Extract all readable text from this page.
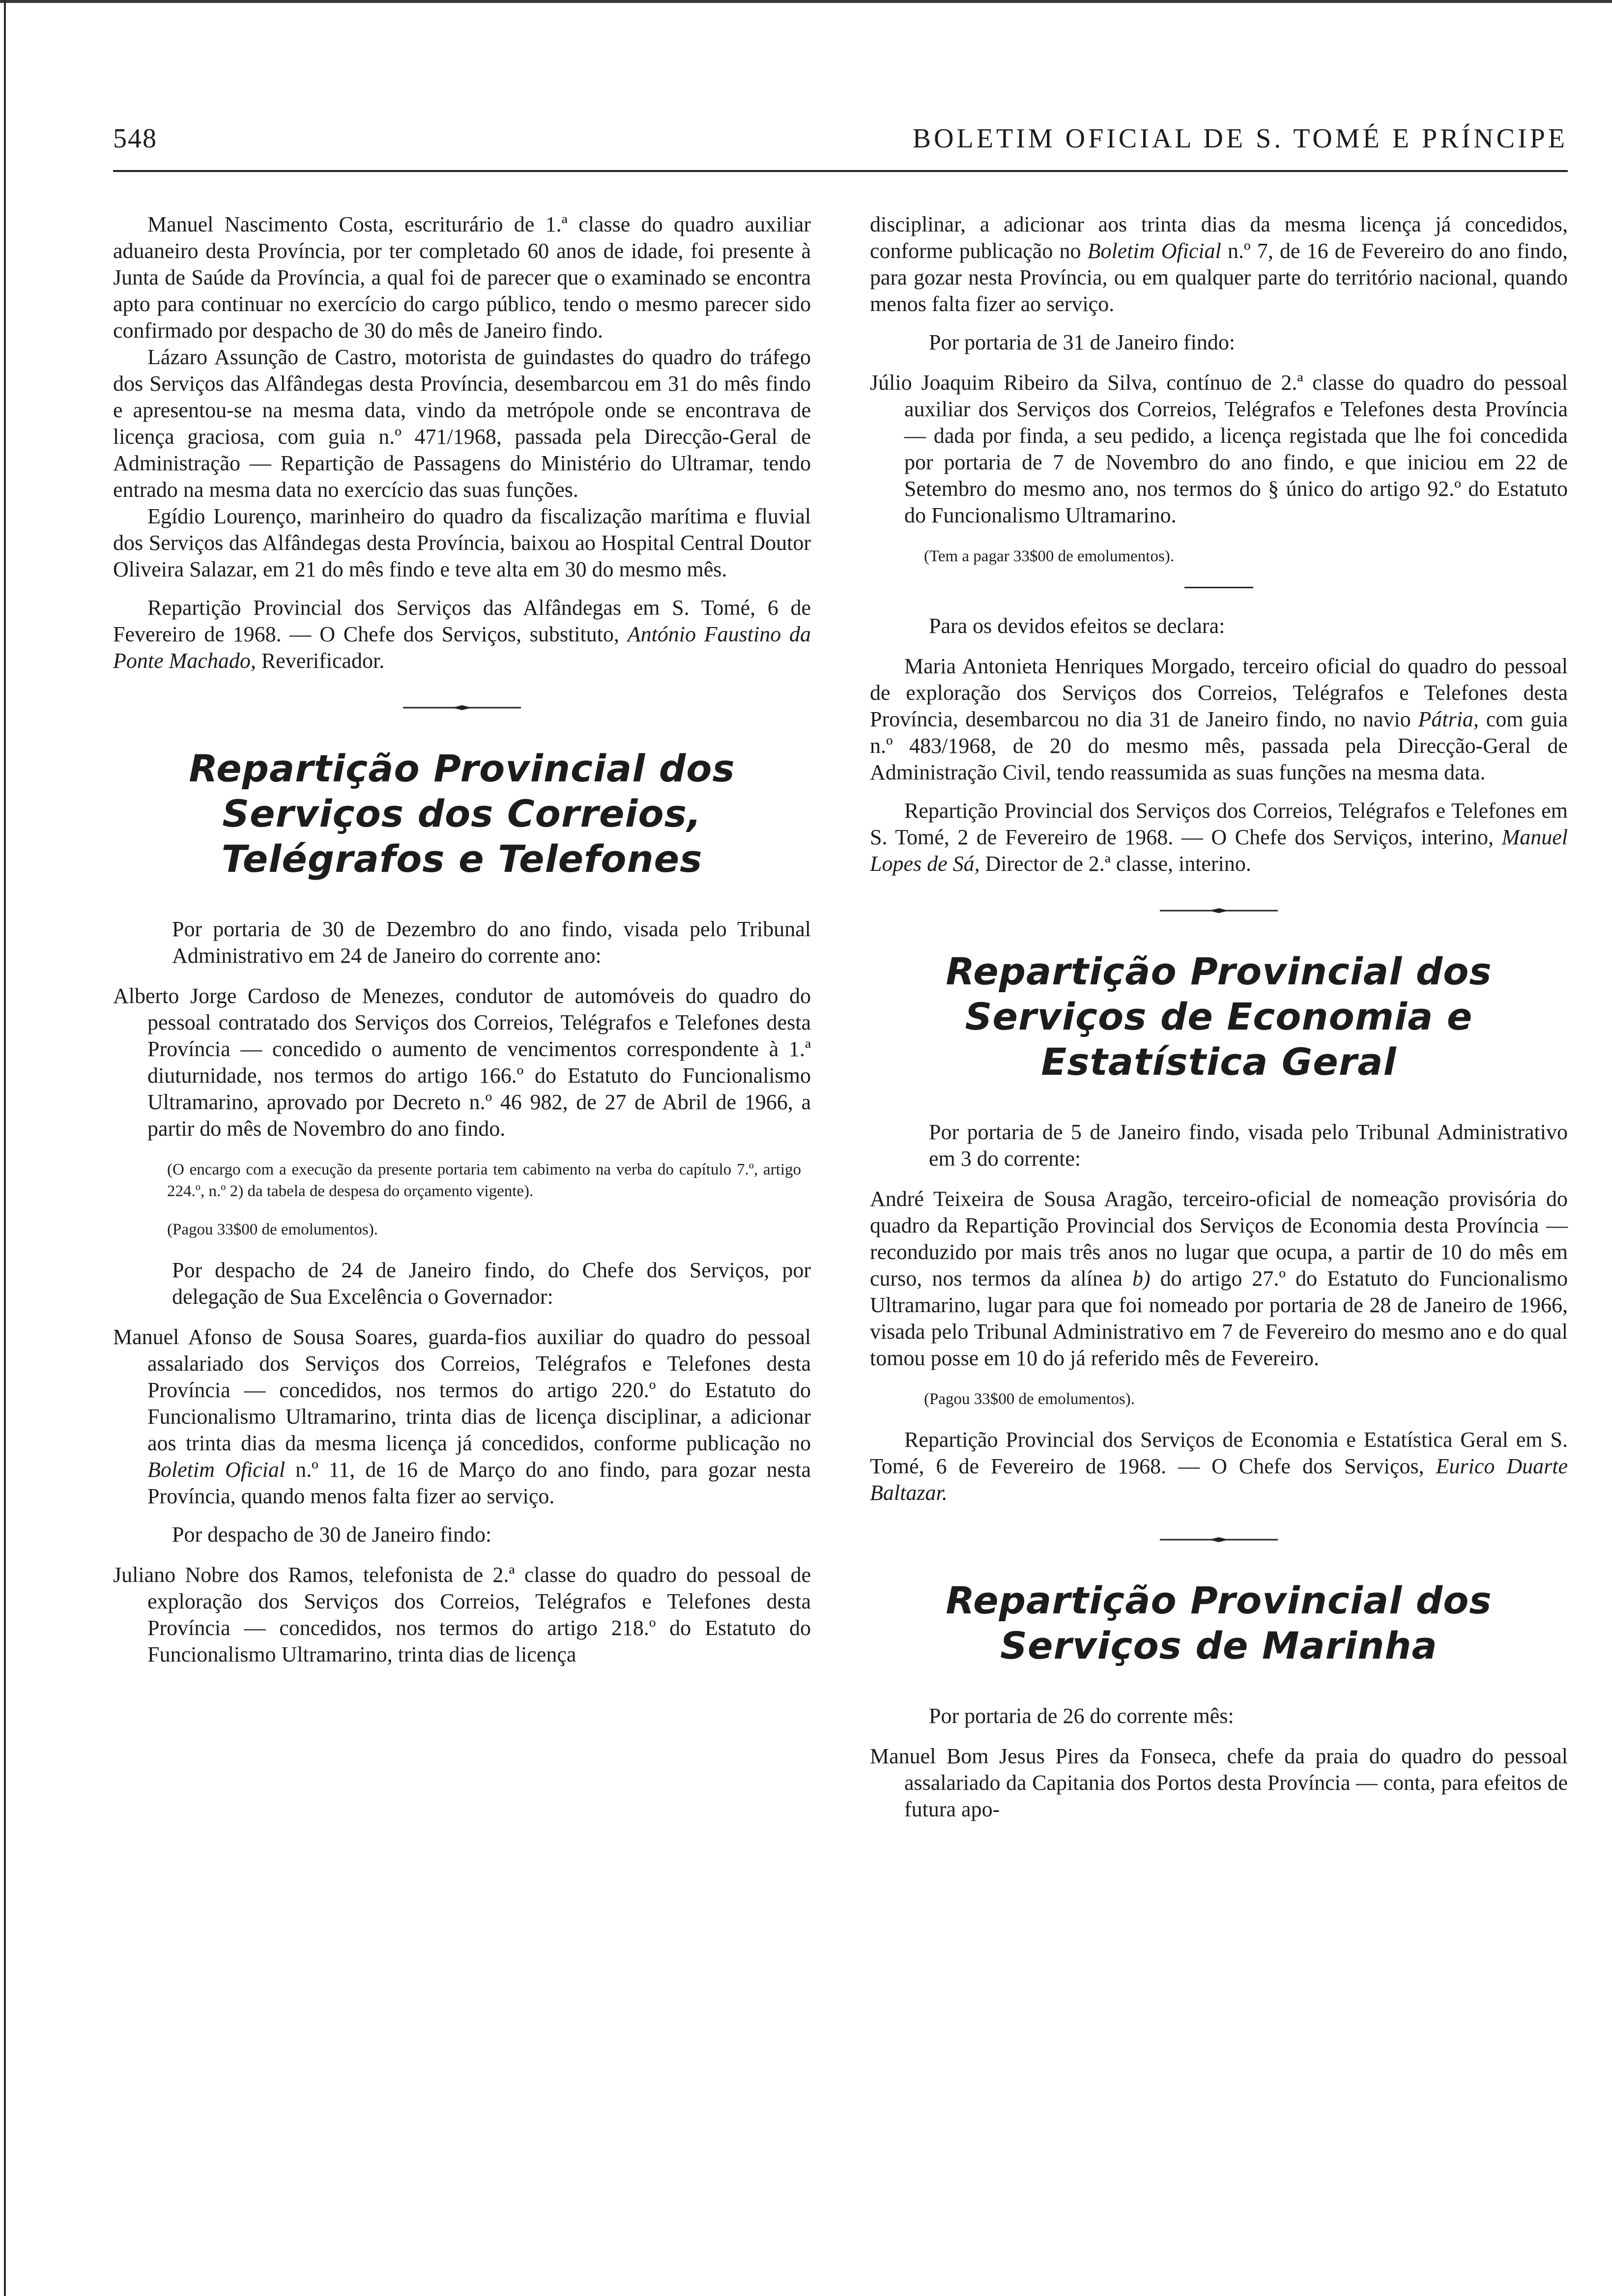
548	BOLETIM OFICIAL DE S. TOMÉ E PRÍNCIPE

Manuel Nascimento Costa, escriturário de 1.ª classe do quadro auxiliar aduaneiro desta Província, por ter completado 60 anos de idade, foi presente à Junta de Saúde da Província, a qual foi de parecer que o examinado se encontra apto para continuar no exercício do cargo público, tendo o mesmo parecer sido confirmado por despacho de 30 do mês de Janeiro findo.

Lázaro Assunção de Castro, motorista de guindastes do quadro do tráfego dos Serviços das Alfândegas desta Província, desembarcou em 31 do mês findo e apresentou-se na mesma data, vindo da metrópole onde se encontrava de licença graciosa, com guia n.º 471/1968, passada pela Direcção-Geral de Administração — Repartição de Passagens do Ministério do Ultramar, tendo entrado na mesma data no exercício das suas funções.

Egídio Lourenço, marinheiro do quadro da fiscalização marítima e fluvial dos Serviços das Alfândegas desta Província, baixou ao Hospital Central Doutor Oliveira Salazar, em 21 do mês findo e teve alta em 30 do mesmo mês.

Repartição Provincial dos Serviços das Alfândegas em S. Tomé, 6 de Fevereiro de 1968. — O Chefe dos Serviços, substituto, António Faustino da Ponte Machado, Reverificador.

Repartição Provincial dos Serviços dos Correios, Telégrafos e Telefones

Por portaria de 30 de Dezembro do ano findo, visada pelo Tribunal Administrativo em 24 de Janeiro do corrente ano:

Alberto Jorge Cardoso de Menezes, condutor de automóveis do quadro do pessoal contratado dos Serviços dos Correios, Telégrafos e Telefones desta Província — concedido o aumento de vencimentos correspondente à 1.ª diuturnidade, nos termos do artigo 166.º do Estatuto do Funcionalismo Ultramarino, aprovado por Decreto n.º 46 982, de 27 de Abril de 1966, a partir do mês de Novembro do ano findo.

(O encargo com a execução da presente portaria tem cabimento na verba do capítulo 7.º, artigo 224.º, n.º 2) da tabela de despesa do orçamento vigente).

(Pagou 33$00 de emolumentos).

Por despacho de 24 de Janeiro findo, do Chefe dos Serviços, por delegação de Sua Excelência o Governador:

Manuel Afonso de Sousa Soares, guarda-fios auxiliar do quadro do pessoal assalariado dos Serviços dos Correios, Telégrafos e Telefones desta Província — concedidos, nos termos do artigo 220.º do Estatuto do Funcionalismo Ultramarino, trinta dias de licença disciplinar, a adicionar aos trinta dias da mesma licença já concedidos, conforme publicação no Boletim Oficial n.º 11, de 16 de Março do ano findo, para gozar nesta Província, quando menos falta fizer ao serviço.

Por despacho de 30 de Janeiro findo:

Juliano Nobre dos Ramos, telefonista de 2.ª classe do quadro do pessoal de exploração dos Serviços dos Correios, Telégrafos e Telefones desta Província — concedidos, nos termos do artigo 218.º do Estatuto do Funcionalismo Ultramarino, trinta dias de licença

disciplinar, a adicionar aos trinta dias da mesma licença já concedidos, conforme publicação no Boletim Oficial n.º 7, de 16 de Fevereiro do ano findo, para gozar nesta Província, ou em qualquer parte do território nacional, quando menos falta fizer ao serviço.

Por portaria de 31 de Janeiro findo:

Júlio Joaquim Ribeiro da Silva, contínuo de 2.ª classe do quadro do pessoal auxiliar dos Serviços dos Correios, Telégrafos e Telefones desta Província — dada por finda, a seu pedido, a licença registada que lhe foi concedida por portaria de 7 de Novembro do ano findo, e que iniciou em 22 de Setembro do mesmo ano, nos termos do § único do artigo 92.º do Estatuto do Funcionalismo Ultramarino.

(Tem a pagar 33$00 de emolumentos).

Para os devidos efeitos se declara:

Maria Antonieta Henriques Morgado, terceiro oficial do quadro do pessoal de exploração dos Serviços dos Correios, Telégrafos e Telefones desta Província, desembarcou no dia 31 de Janeiro findo, no navio Pátria, com guia n.º 483/1968, de 20 do mesmo mês, passada pela Direcção-Geral de Administração Civil, tendo reassumida as suas funções na mesma data.

Repartição Provincial dos Serviços dos Correios, Telégrafos e Telefones em S. Tomé, 2 de Fevereiro de 1968. — O Chefe dos Serviços, interino, Manuel Lopes de Sá, Director de 2.ª classe, interino.

Repartição Provincial dos Serviços de Economia e Estatística Geral

Por portaria de 5 de Janeiro findo, visada pelo Tribunal Administrativo em 3 do corrente:

André Teixeira de Sousa Aragão, terceiro-oficial de nomeação provisória do quadro da Repartição Provincial dos Serviços de Economia desta Província — reconduzido por mais três anos no lugar que ocupa, a partir de 10 do mês em curso, nos termos da alínea b) do artigo 27.º do Estatuto do Funcionalismo Ultramarino, lugar para que foi nomeado por portaria de 28 de Janeiro de 1966, visada pelo Tribunal Administrativo em 7 de Fevereiro do mesmo ano e do qual tomou posse em 10 do já referido mês de Fevereiro.

(Pagou 33$00 de emolumentos).

Repartição Provincial dos Serviços de Economia e Estatística Geral em S. Tomé, 6 de Fevereiro de 1968. — O Chefe dos Serviços, Eurico Duarte Baltazar.

Repartição Provincial dos Serviços de Marinha

Por portaria de 26 do corrente mês:

Manuel Bom Jesus Pires da Fonseca, chefe da praia do quadro do pessoal assalariado da Capitania dos Portos desta Província — conta, para efeitos de futura apo-
